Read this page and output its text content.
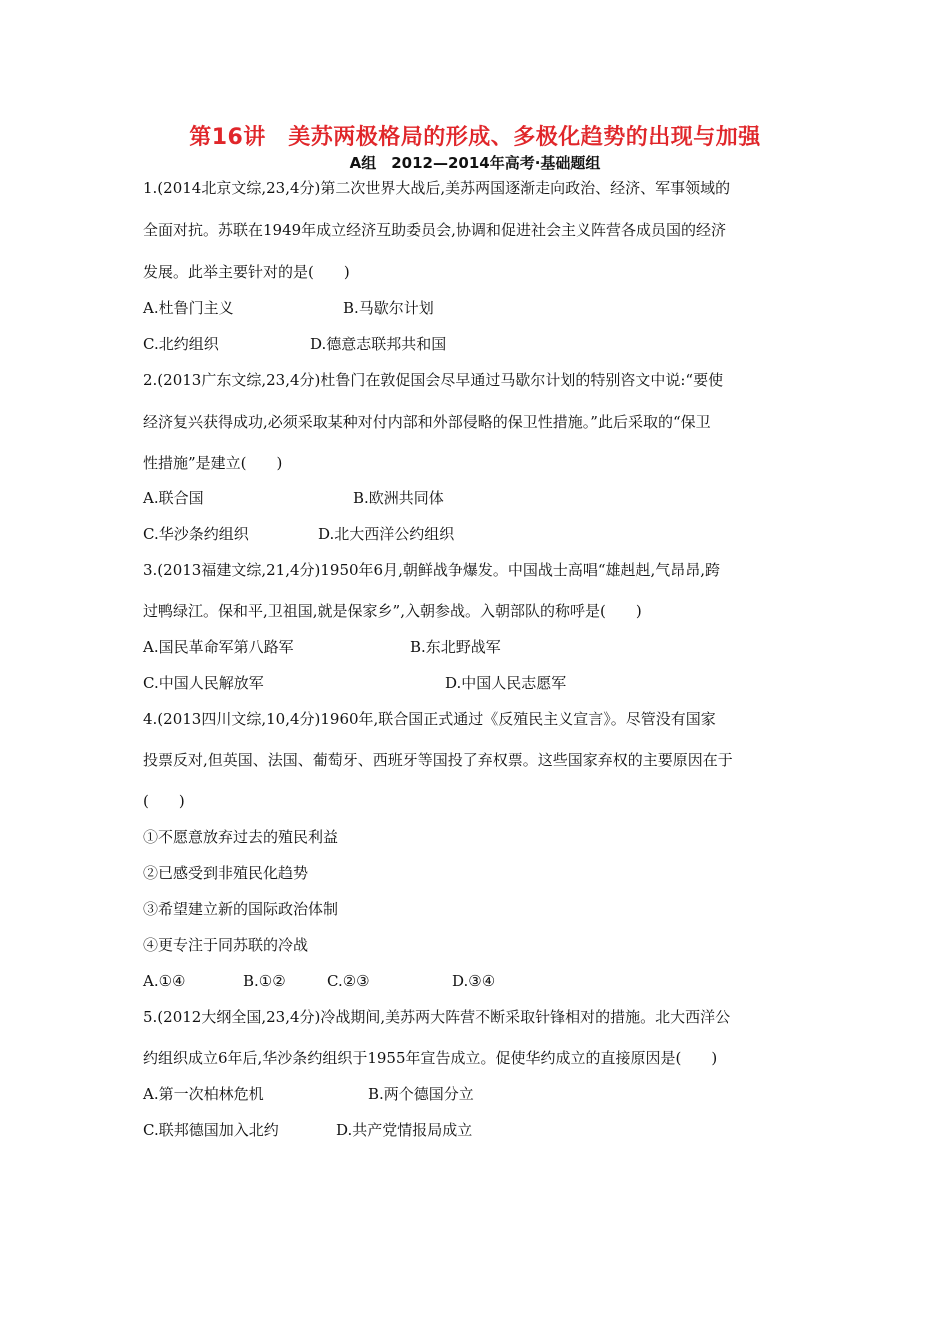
第16讲　美苏两极格局的形成、多极化趋势的出现与加强
A组　2012—2014年高考·基础题组
1.(2014北京文综,23,4分)第二次世界大战后,美苏两国逐渐走向政治、经济、军事领域的
全面对抗。苏联在1949年成立经济互助委员会,协调和促进社会主义阵营各成员国的经济
发展。此举主要针对的是(　　)
A.杜鲁门主义	B.马歇尔计划
C.北约组织	D.德意志联邦共和国
2.(2013广东文综,23,4分)杜鲁门在敦促国会尽早通过马歇尔计划的特别咨文中说:“要使
经济复兴获得成功,必须采取某种对付内部和外部侵略的保卫性措施。”此后采取的“保卫
性措施”是建立(　　)
A.联合国	B.欧洲共同体
C.华沙条约组织	D.北大西洋公约组织
3.(2013福建文综,21,4分)1950年6月,朝鲜战争爆发。中国战士高唱“雄赳赳,气昂昂,跨
过鸭绿江。保和平,卫祖国,就是保家乡”,入朝参战。入朝部队的称呼是(　　)
A.国民革命军第八路军	B.东北野战军
C.中国人民解放军	D.中国人民志愿军
4.(2013四川文综,10,4分)1960年,联合国正式通过《反殖民主义宣言》。尽管没有国家
投票反对,但英国、法国、葡萄牙、西班牙等国投了弃权票。这些国家弃权的主要原因在于
(　　)
①不愿意放弃过去的殖民利益
②已感受到非殖民化趋势
③希望建立新的国际政治体制
④更专注于同苏联的冷战
A.①④	B.①②	C.②③	D.③④
5.(2012大纲全国,23,4分)冷战期间,美苏两大阵营不断采取针锋相对的措施。北大西洋公
约组织成立6年后,华沙条约组织于1955年宣告成立。促使华约成立的直接原因是(　　)
A.第一次柏林危机	B.两个德国分立
C.联邦德国加入北约	D.共产党情报局成立
